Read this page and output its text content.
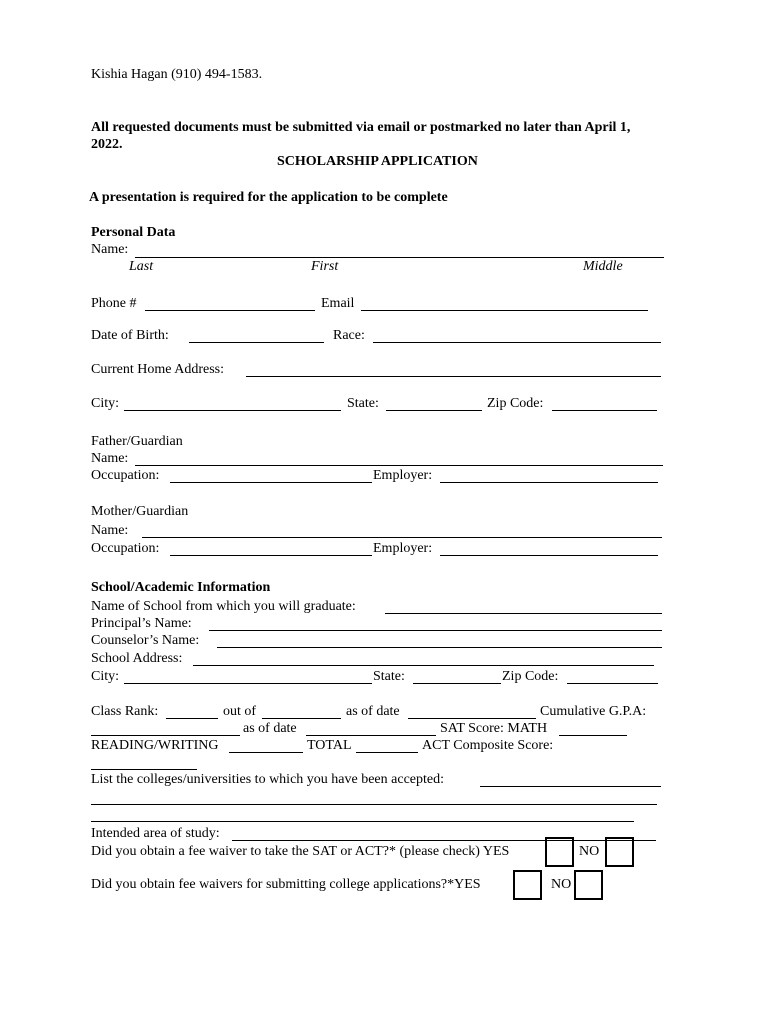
Kishia Hagan (910) 494-1583.
All requested documents must be submitted via email or postmarked no later than April 1,
2022.
SCHOLARSHIP APPLICATION
A presentation is required for the application to be complete
Personal Data
Name:
Last	First	Middle
Phone #	Email
Date of Birth:	Race:
Current Home Address:
City:	State:	Zip Code:
Father/Guardian
Name:
Occupation:	Employer:
Mother/Guardian
Name:
Occupation:	Employer:
School/Academic Information
Name of School from which you will graduate:
Principal’s Name:
Counselor’s Name:
School Address:
City:	State:	Zip Code:
Class Rank:	out of	as of date	Cumulative G.P.A:
as of date	SAT Score: MATH
READING/WRITING	TOTAL	ACT Composite Score:
List the colleges/universities to which you have been accepted:
Intended area of study:
Did you obtain a fee waiver to take the SAT or ACT?* (please check) YES	NO
Did you obtain fee waivers for submitting college applications?*YES	NO
